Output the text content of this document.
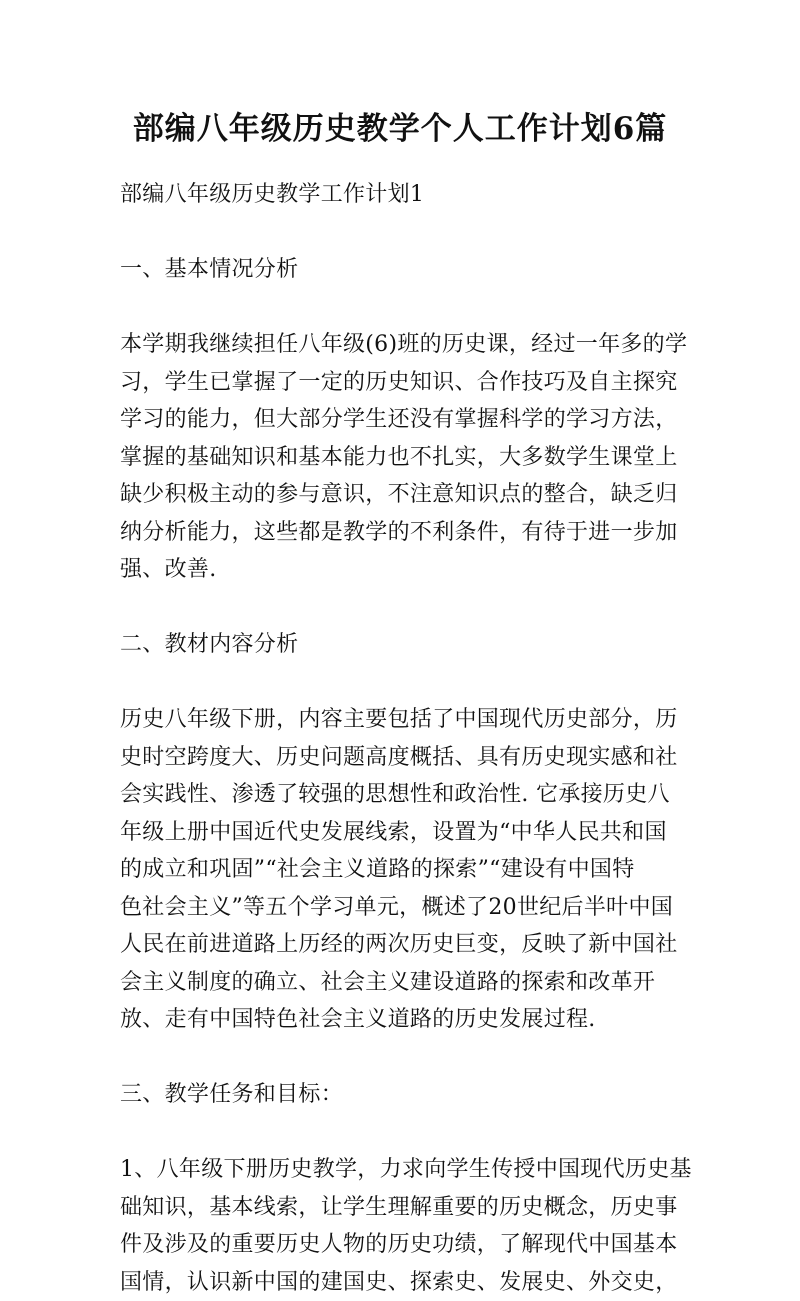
部编八年级历史教学个人工作计划6篇

部编八年级历史教学工作计划1

一、基本情况分析

本学期我继续担任八年级(6)班的历史课，经过一年多的学

习，学生已掌握了一定的历史知识、合作技巧及自主探究

学习的能力，但大部分学生还没有掌握科学的学习方法，

掌握的基础知识和基本能力也不扎实，大多数学生课堂上

缺少积极主动的参与意识，不注意知识点的整合，缺乏归

纳分析能力，这些都是教学的不利条件，有待于进一步加

强、改善.

二、教材内容分析

历史八年级下册，内容主要包括了中国现代历史部分，历

史时空跨度大、历史问题高度概括、具有历史现实感和社

会实践性、渗透了较强的思想性和政治性. 它承接历史八

年级上册中国近代史发展线索，设置为“中华人民共和国

的成立和巩固”“社会主义道路的探索”“建设有中国特

色社会主义”等五个学习单元，概述了20世纪后半叶中国

人民在前进道路上历经的两次历史巨变，反映了新中国社

会主义制度的确立、社会主义建设道路的探索和改革开

放、走有中国特色社会主义道路的历史发展过程.

三、教学任务和目标：

1、八年级下册历史教学，力求向学生传授中国现代历史基

础知识，基本线索，让学生理解重要的历史概念，历史事

件及涉及的重要历史人物的历史功绩，了解现代中国基本

国情，认识新中国的建国史、探索史、发展史、外交史，
